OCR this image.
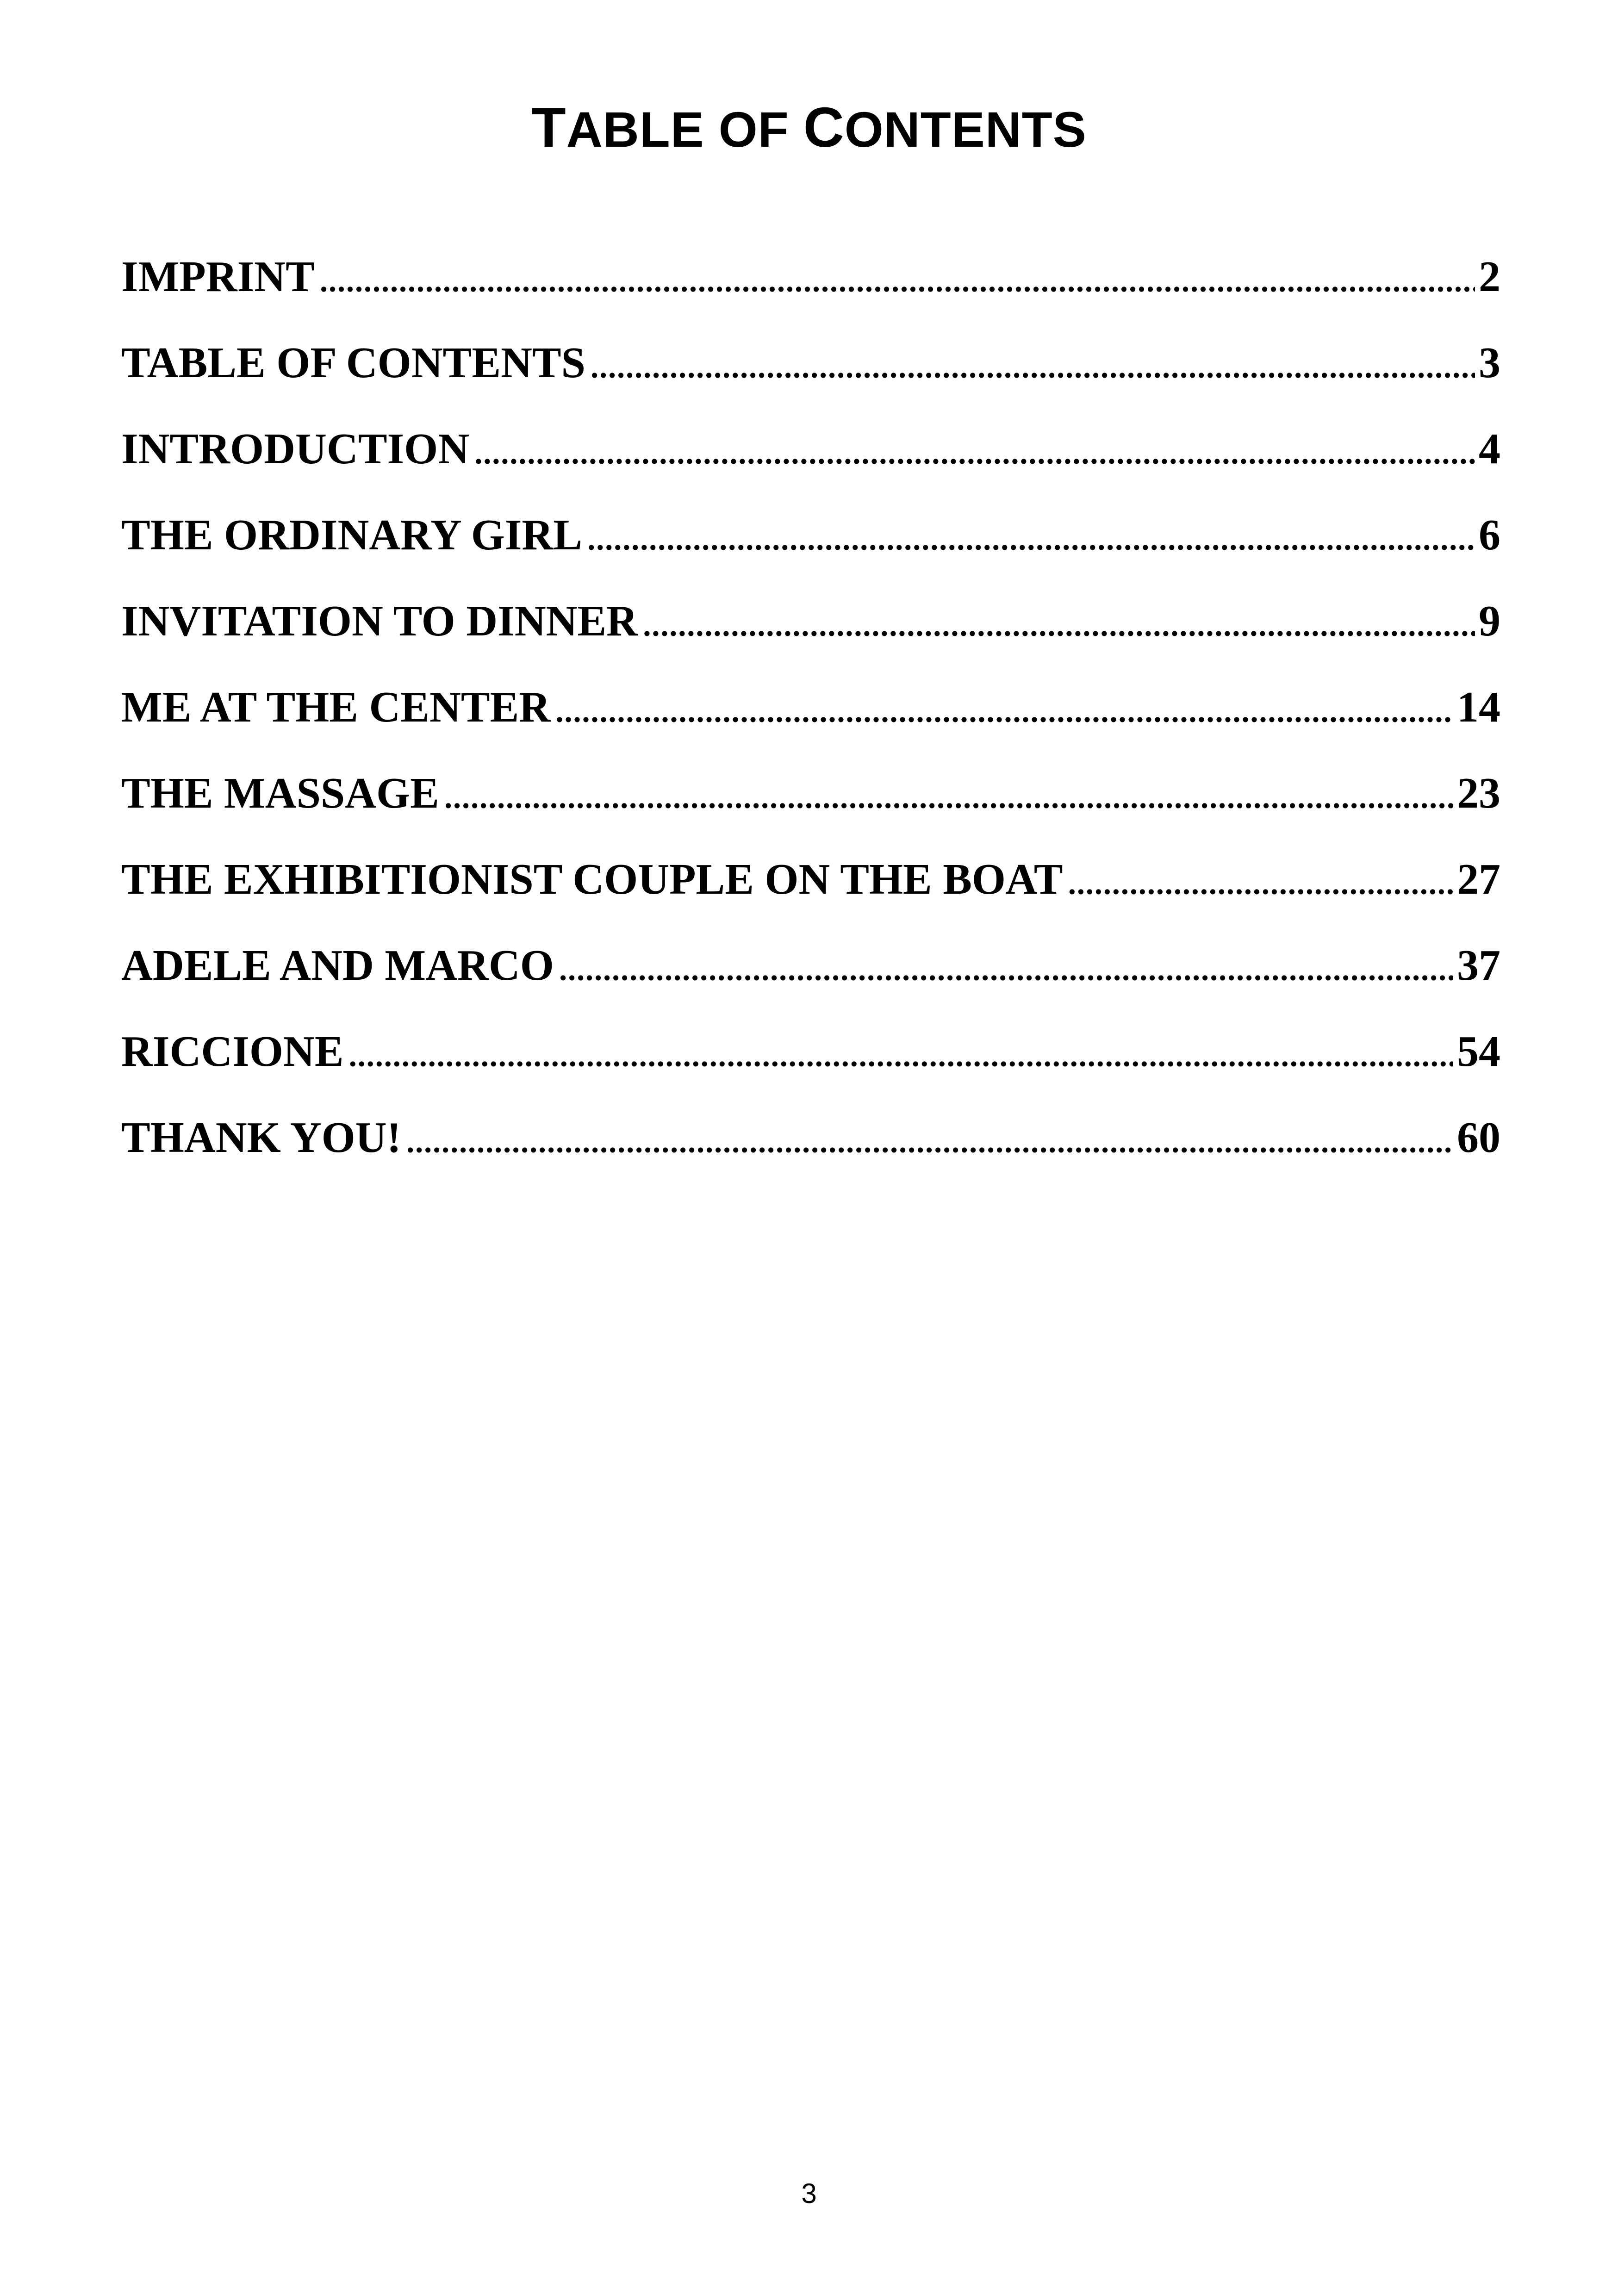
TABLE OF CONTENTS
IMPRINT . . .	2
TABLE OF CONTENTS . . .	3
INTRODUCTION . . .	4
THE ORDINARY GIRL . . .	6
INVITATION TO DINNER . . .	9
ME AT THE CENTER . . .	14
THE MASSAGE . . .	23
THE EXHIBITIONIST COUPLE ON THE BOAT . . .	27
ADELE AND MARCO . . .	37
RICCIONE . . .	54
THANK YOU! . . .	60

3
